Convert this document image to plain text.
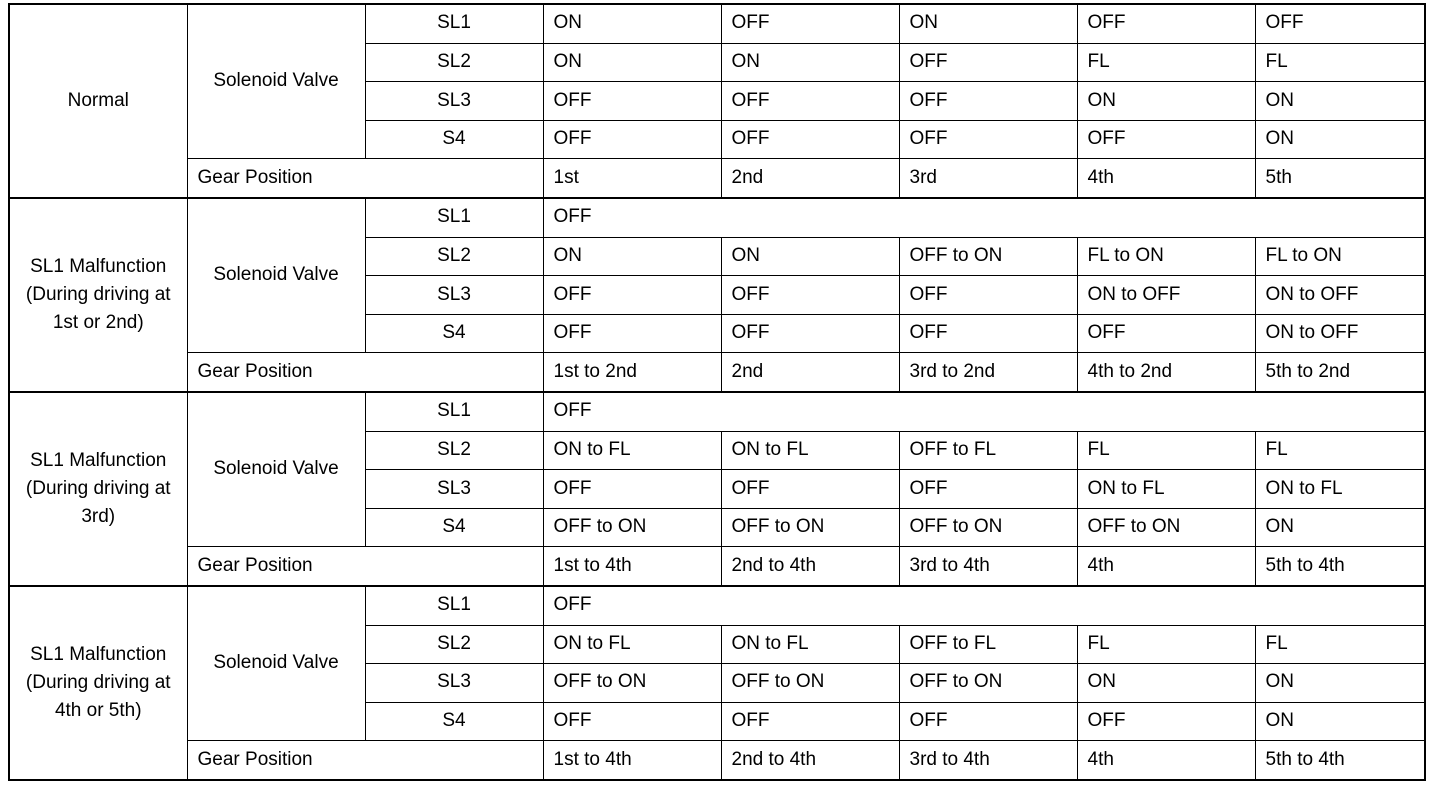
Normal	Solenoid Valve	SL1	ON	OFF	ON	OFF	OFF
		SL2	ON	ON	OFF	FL	FL
		SL3	OFF	OFF	OFF	ON	ON
		S4	OFF	OFF	OFF	OFF	ON
	Gear Position		1st	2nd	3rd	4th	5th
SL1 Malfunction (During driving at 1st or 2nd)	Solenoid Valve	SL1	OFF				
		SL2	ON	ON	OFF to ON	FL to ON	FL to ON
		SL3	OFF	OFF	OFF	ON to OFF	ON to OFF
		S4	OFF	OFF	OFF	OFF	ON to OFF
	Gear Position		1st to 2nd	2nd	3rd to 2nd	4th to 2nd	5th to 2nd
SL1 Malfunction (During driving at 3rd)	Solenoid Valve	SL1	OFF				
		SL2	ON to FL	ON to FL	OFF to FL	FL	FL
		SL3	OFF	OFF	OFF	ON to FL	ON to FL
		S4	OFF to ON	OFF to ON	OFF to ON	OFF to ON	ON
	Gear Position		1st to 4th	2nd to 4th	3rd to 4th	4th	5th to 4th
SL1 Malfunction (During driving at 4th or 5th)	Solenoid Valve	SL1	OFF				
		SL2	ON to FL	ON to FL	OFF to FL	FL	FL
		SL3	OFF to ON	OFF to ON	OFF to ON	ON	ON
		S4	OFF	OFF	OFF	OFF	ON
	Gear Position		1st to 4th	2nd to 4th	3rd to 4th	4th	5th to 4th
